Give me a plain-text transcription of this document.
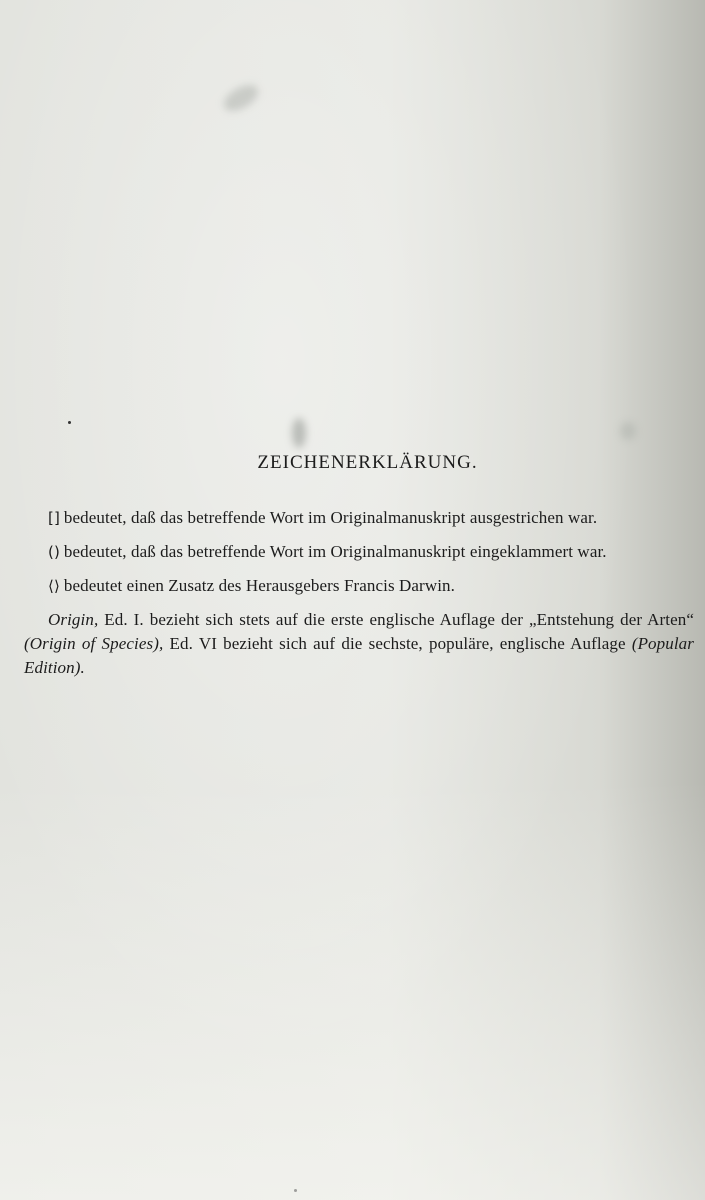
ZEICHENERKLÄRUNG.

[] bedeutet, daß das betreffende Wort im Originalmanuskript ausgestrichen war.

() bedeutet, daß das betreffende Wort im Originalmanuskript eingeklammert war.

⟨⟩ bedeutet einen Zusatz des Herausgebers Francis Darwin.

Origin, Ed. I. bezieht sich stets auf die erste englische Auflage der „Entstehung der Arten“ (Origin of Species), Ed. VI bezieht sich auf die sechste, populäre, englische Auflage (Popular Edition).
